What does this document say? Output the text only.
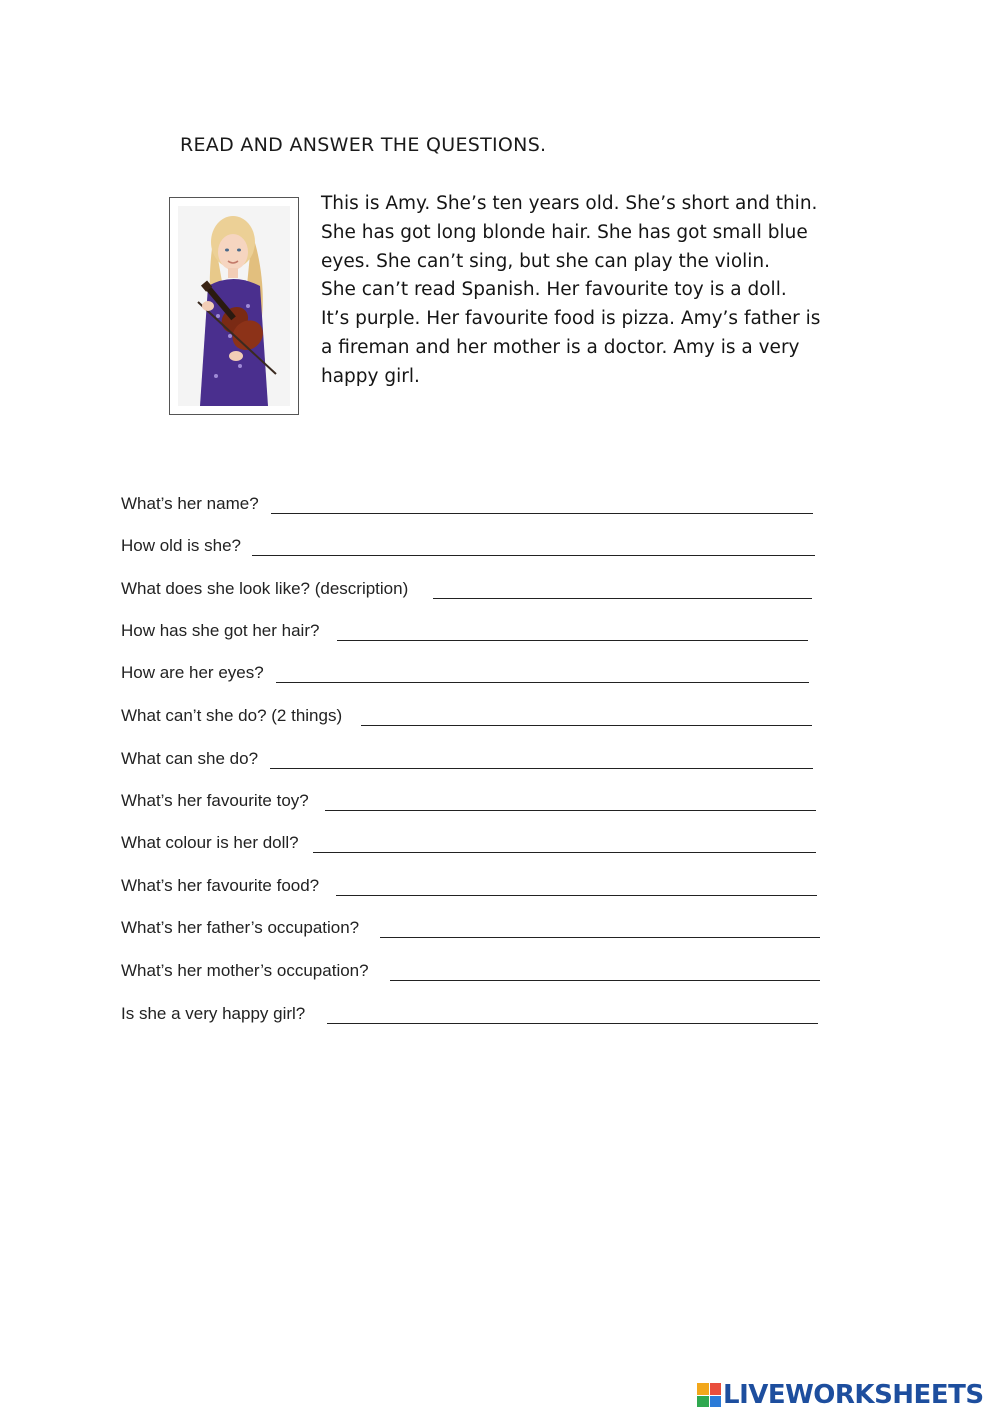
READ AND ANSWER THE QUESTIONS.
This is Amy. She’s ten years old. She’s short and thin.
She has got long blonde hair. She has got small blue
eyes. She can’t sing, but she can play the violin.
She can’t read Spanish. Her favourite toy is a doll.
It’s purple. Her favourite food is pizza. Amy’s father is
a fireman and her mother is a doctor. Amy is a very
happy girl.
What’s her name?
How old is she?
What does she look like? (description)
How has she got her hair?
How are her eyes?
What can’t she do? (2 things)
What can she do?
What’s her favourite toy?
What colour is her doll?
What’s her favourite food?
What’s her father’s occupation?
What’s her mother’s occupation?
Is she a very happy girl?
LIVEWORKSHEETS
